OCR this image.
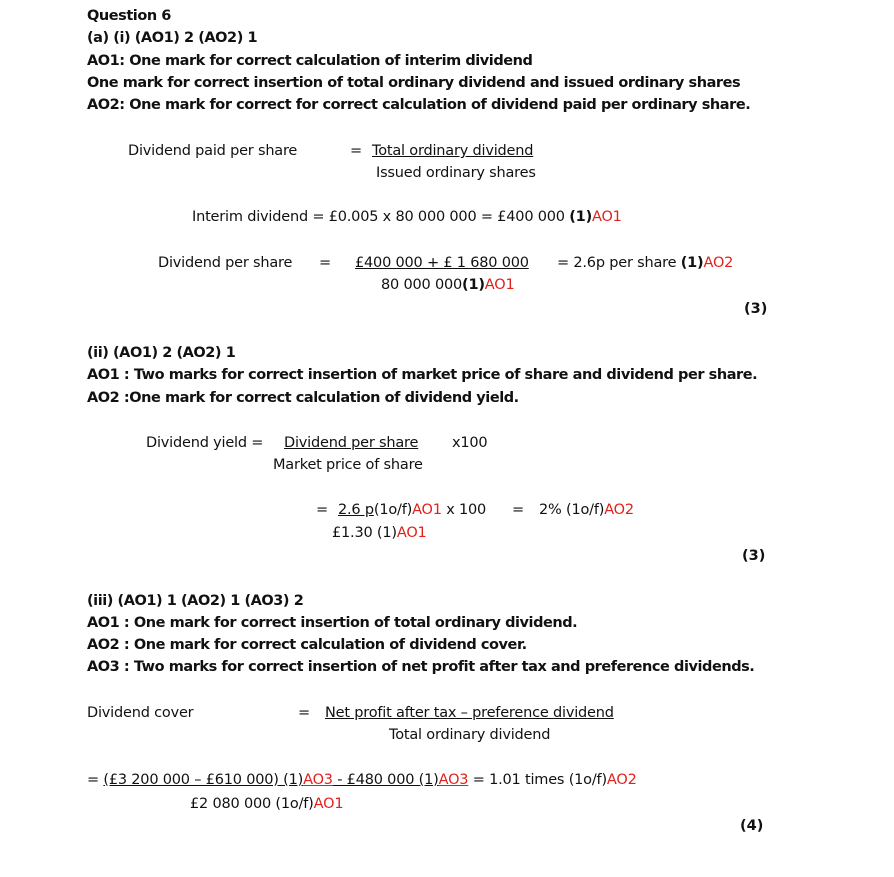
Question 6
(a) (i) (AO1) 2 (AO2) 1
AO1: One mark for correct calculation of interim dividend
One mark for correct insertion of total ordinary dividend and issued ordinary shares
AO2: One mark for correct for correct calculation of dividend paid per ordinary share.
Dividend paid per share	= Total ordinary dividend
Issued ordinary shares
Interim dividend = £0.005 x 80 000 000 = £400 000 (1)AO1
Dividend per share = £400 000 + £ 1 680 000 = 2.6p per share (1)AO2
80 000 000(1)AO1
(3)
(ii) (AO1) 2 (AO2) 1
AO1 : Two marks for correct insertion of market price of share and dividend per share.
AO2 :One mark for correct calculation of dividend yield.
Dividend yield = Dividend per share x100
Market price of share
= 2.6 p(1o/f)AO1 x 100 = 2% (1o/f)AO2
£1.30 (1)AO1
(3)
(iii) (AO1) 1 (AO2) 1 (AO3) 2
AO1 : One mark for correct insertion of total ordinary dividend.
AO2 : One mark for correct calculation of dividend cover.
AO3 : Two marks for correct insertion of net profit after tax and preference dividends.
Dividend cover	= Net profit after tax – preference dividend
Total ordinary dividend
= (£3 200 000 – £610 000) (1)AO3 - £480 000 (1)AO3 = 1.01 times (1o/f)AO2
£2 080 000 (1o/f)AO1
(4)
